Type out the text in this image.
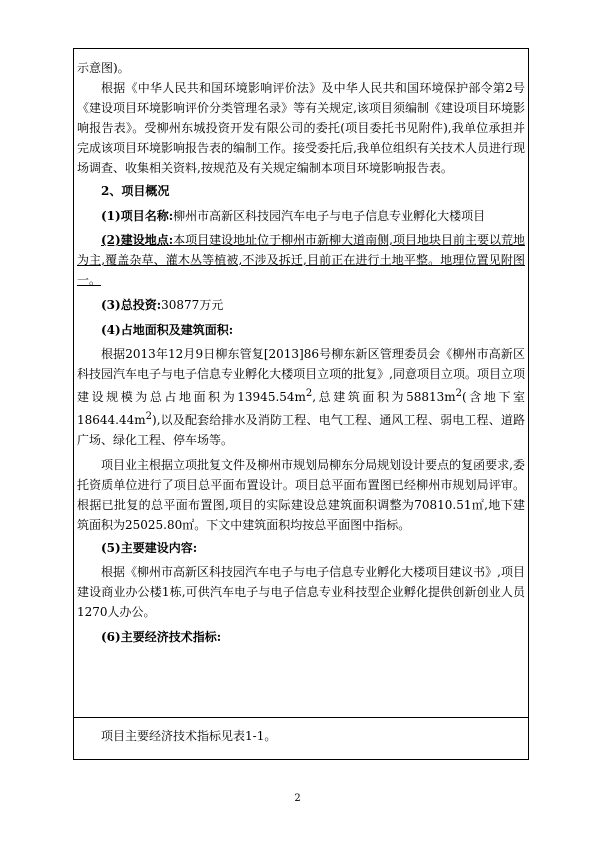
示意图)。

根据《中华人民共和国环境影响评价法》及中华人民共和国环境保护部令第2号《建设项目环境影响评价分类管理名录》等有关规定,该项目须编制《建设项目环境影响报告表》。受柳州东城投资开发有限公司的委托(项目委托书见附件),我单位承担并完成该项目环境影响报告表的编制工作。接受委托后,我单位组织有关技术人员进行现场调查、收集相关资料,按规范及有关规定编制本项目环境影响报告表。

2、项目概况

(1)项目名称:柳州市高新区科技园汽车电子与电子信息专业孵化大楼项目

(2)建设地点:本项目建设地址位于柳州市新柳大道南侧,项目地块目前主要以荒地为主,覆盖杂草、灌木丛等植被,不涉及拆迁,目前正在进行土地平整。地理位置见附图一。

(3)总投资:30877万元

(4)占地面积及建筑面积:

根据2013年12月9日柳东管复[2013]86号柳东新区管理委员会《柳州市高新区科技园汽车电子与电子信息专业孵化大楼项目立项的批复》,同意项目立项。项目立项建设规模为总占地面积为$13945.54m^2$,总建筑面积为$58813m^2$(含地下室$18644.44m^2$),以及配套给排水及消防工程、电气工程、通风工程、弱电工程、道路广场、绿化工程、停车场等。

项目业主根据立项批复文件及柳州市规划局柳东分局规划设计要点的复函要求,委托资质单位进行了项目总平面布置设计。项目总平面布置图已经柳州市规划局评审。根据已批复的总平面布置图,项目的实际建设总建筑面积调整为70810.51㎡,地下建筑面积为25025.80㎡。下文中建筑面积均按总平面图中指标。

(5)主要建设内容:

根据《柳州市高新区科技园汽车电子与电子信息专业孵化大楼项目建议书》,项目建设商业办公楼1栋,可供汽车电子与电子信息专业科技型企业孵化提供创新创业人员1270人办公。

(6)主要经济技术指标:

项目主要经济技术指标见表1-1。

2
